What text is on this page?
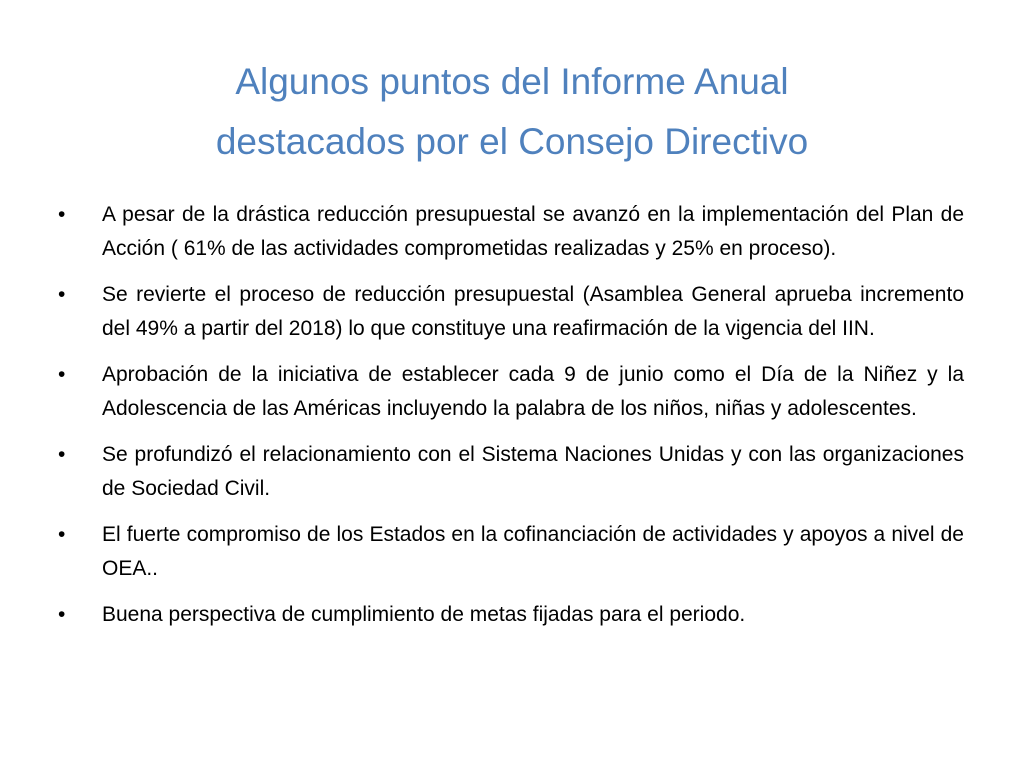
Algunos puntos del Informe Anual
destacados por el Consejo Directivo
•	A pesar de la drástica reducción presupuestal se avanzó en la implementación del Plan de Acción ( 61% de las actividades comprometidas realizadas y 25% en proceso).
•	Se revierte el proceso de reducción presupuestal (Asamblea General aprueba incremento del 49% a partir del 2018) lo que constituye una reafirmación de la vigencia del IIN.
•	Aprobación de la iniciativa de establecer cada 9 de junio como el Día de la Niñez y la Adolescencia de las Américas incluyendo la palabra de los niños, niñas y adolescentes.
•	Se profundizó el relacionamiento con el Sistema Naciones Unidas y con las organizaciones de Sociedad Civil.
•	El fuerte compromiso de los Estados en la cofinanciación de actividades y apoyos a nivel de OEA..
•	Buena perspectiva de cumplimiento de metas fijadas para el periodo.
